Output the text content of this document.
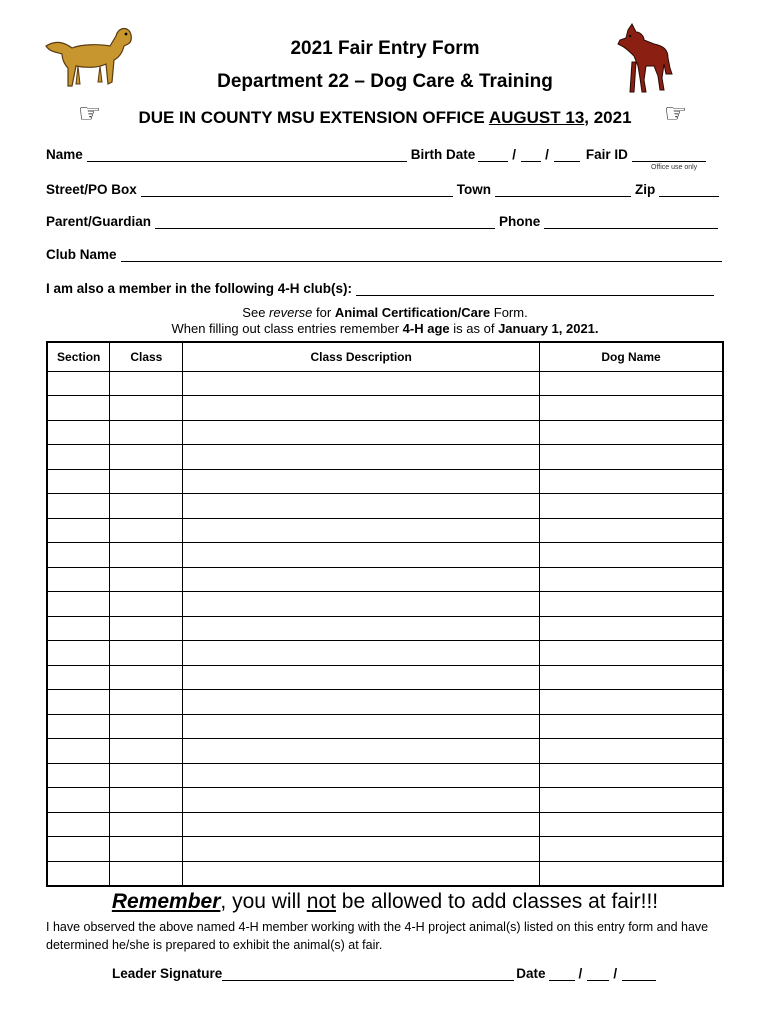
2021 Fair Entry Form
Department 22 – Dog Care & Training
☞	☞
DUE IN COUNTY MSU EXTENSION OFFICE AUGUST 13, 2021
Name	Birth Date	/ /	Fair ID
Office use only
Street/PO Box	Town	Zip
Parent/Guardian	Phone
Club Name
I am also a member in the following 4-H club(s):
See reverse for Animal Certification/Care Form.
When filling out class entries remember 4-H age is as of January 1, 2021.
Section	Class	Class Description	Dog Name

Remember, you will not be allowed to add classes at fair!!!
I have observed the above named 4-H member working with the 4-H project animal(s) listed on this entry form and have determined he/she is prepared to exhibit the animal(s) at fair.
Leader Signature	Date / /
